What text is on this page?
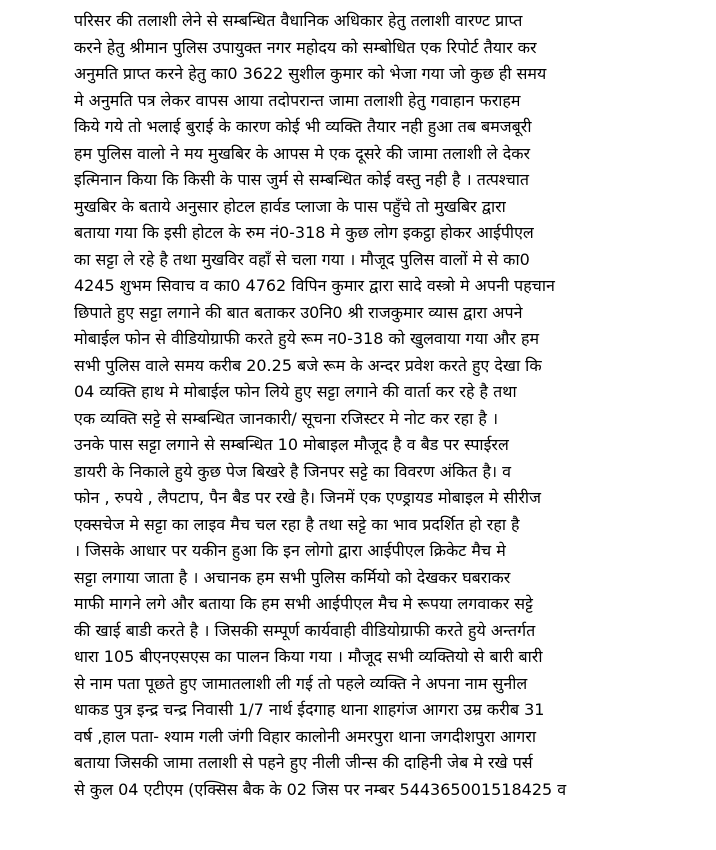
परिसर की तलाशी लेने से सम्बन्धित वैधानिक अधिकार हेतु तलाशी वारण्ट प्राप्त
करने हेतु श्रीमान पुलिस उपायुक्त नगर महोदय को सम्बोधित एक रिपोर्ट तैयार कर
अनुमति प्राप्त करने हेतु का0 3622 सुशील कुमार को भेजा गया जो कुछ ही समय
मे अनुमति पत्र लेकर वापस आया तदोपरान्त जामा तलाशी हेतु गवाहान फराहम
किये गये तो भलाई बुराई के कारण कोई भी व्यक्ति तैयार नही हुआ तब बमजबूरी
हम पुलिस वालो ने मय मुखबिर के आपस मे एक दूसरे की जामा तलाशी ले देकर
इत्मिनान किया कि किसी के पास जुर्म से सम्बन्धित कोई वस्तु नही है । तत्पश्चात
मुखबिर के बताये अनुसार होटल हार्वड प्लाजा के पास पहुँचे तो मुखबिर द्वारा
बताया गया कि इसी होटल के रुम नं0-318 मे कुछ लोग इकट्ठा होकर आईपीएल
का सट्टा ले रहे है तथा मुखविर वहाँ से चला गया । मौजूद पुलिस वालों मे से का0
4245 शुभम सिवाच व का0 4762 विपिन कुमार द्वारा सादे वस्त्रो मे अपनी पहचान
छिपाते हुए सट्टा लगाने की बात बताकर उ0नि0 श्री राजकुमार व्यास द्वारा अपने
मोबाईल फोन से वीडियोग्राफी करते हुये रूम न0-318 को खुलवाया गया और हम
सभी पुलिस वाले समय करीब 20.25 बजे रूम के अन्दर प्रवेश करते हुए देखा कि
04 व्यक्ति हाथ मे मोबाईल फोन लिये हुए सट्टा लगाने की वार्ता कर रहे है तथा
एक व्यक्ति सट्टे से सम्बन्धित जानकारी/ सूचना रजिस्टर मे नोट कर रहा है ।
उनके पास सट्टा लगाने से सम्बन्धित 10 मोबाइल मौजूद है व बैड पर स्पाईरल
डायरी के निकाले हुये कुछ पेज बिखरे है जिनपर सट्टे का विवरण अंकित है। व
फोन , रुपये , लैपटाप, पैन बैड पर रखे है। जिनमें एक एण्ड्रायड मोबाइल मे सीरीज
एक्सचेज मे सट्टा का लाइव मैच चल रहा है तथा सट्टे का भाव प्रदर्शित हो रहा है
। जिसके आधार पर यकीन हुआ कि इन लोगो द्वारा आईपीएल क्रिकेट मैच मे
सट्टा लगाया जाता है । अचानक हम सभी पुलिस कर्मियो को देखकर घबराकर
माफी मागने लगे और बताया कि हम सभी आईपीएल मैच मे रूपया लगवाकर सट्टे
की खाई बाडी करते है । जिसकी सम्पूर्ण कार्यवाही वीडियोग्राफी करते हुये अन्तर्गत
धारा 105 बीएनएसएस का पालन किया गया । मौजूद सभी व्यक्तियो से बारी बारी
से नाम पता पूछते हुए जामातलाशी ली गई तो पहले व्यक्ति ने अपना नाम सुनील
धाकड पुत्र इन्द्र चन्द्र निवासी 1/7 नार्थ ईदगाह थाना शाहगंज आगरा उम्र करीब 31
वर्ष ,हाल पता- श्याम गली जंगी विहार कालोनी अमरपुरा थाना जगदीशपुरा आगरा
बताया जिसकी जामा तलाशी से पहने हुए नीली जीन्स की दाहिनी जेब मे रखे पर्स
से कुल 04 एटीएम (एक्सिस बैक के 02 जिस पर नम्बर 544365001518425 व
